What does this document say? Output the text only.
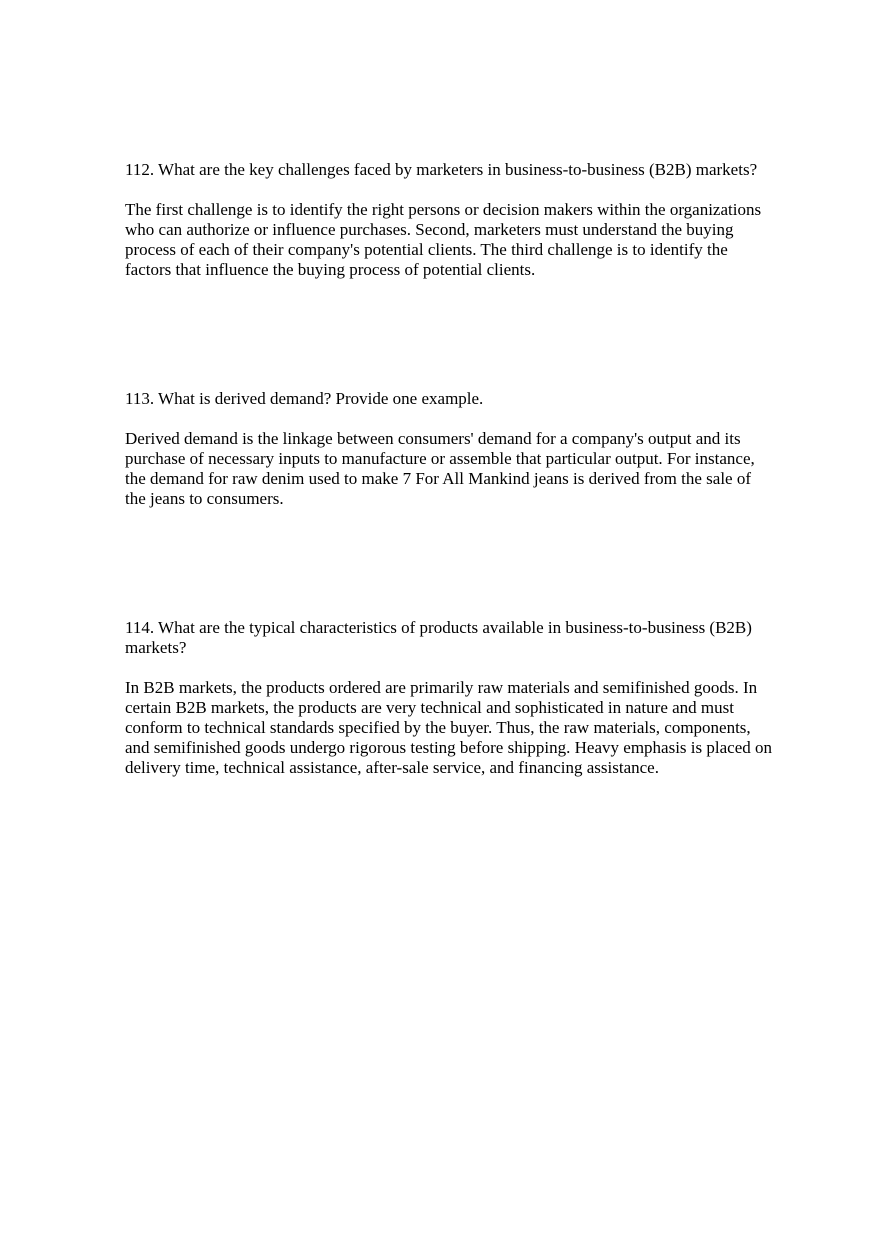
112. What are the key challenges faced by marketers in business-to-business (B2B) markets?

The first challenge is to identify the right persons or decision makers within the organizations who can authorize or influence purchases. Second, marketers must understand the buying process of each of their company's potential clients. The third challenge is to identify the factors that influence the buying process of potential clients.

113. What is derived demand? Provide one example.

Derived demand is the linkage between consumers' demand for a company's output and its purchase of necessary inputs to manufacture or assemble that particular output. For instance, the demand for raw denim used to make 7 For All Mankind jeans is derived from the sale of the jeans to consumers.

114. What are the typical characteristics of products available in business-to-business (B2B) markets?

In B2B markets, the products ordered are primarily raw materials and semifinished goods. In certain B2B markets, the products are very technical and sophisticated in nature and must conform to technical standards specified by the buyer. Thus, the raw materials, components, and semifinished goods undergo rigorous testing before shipping. Heavy emphasis is placed on delivery time, technical assistance, after-sale service, and financing assistance.
